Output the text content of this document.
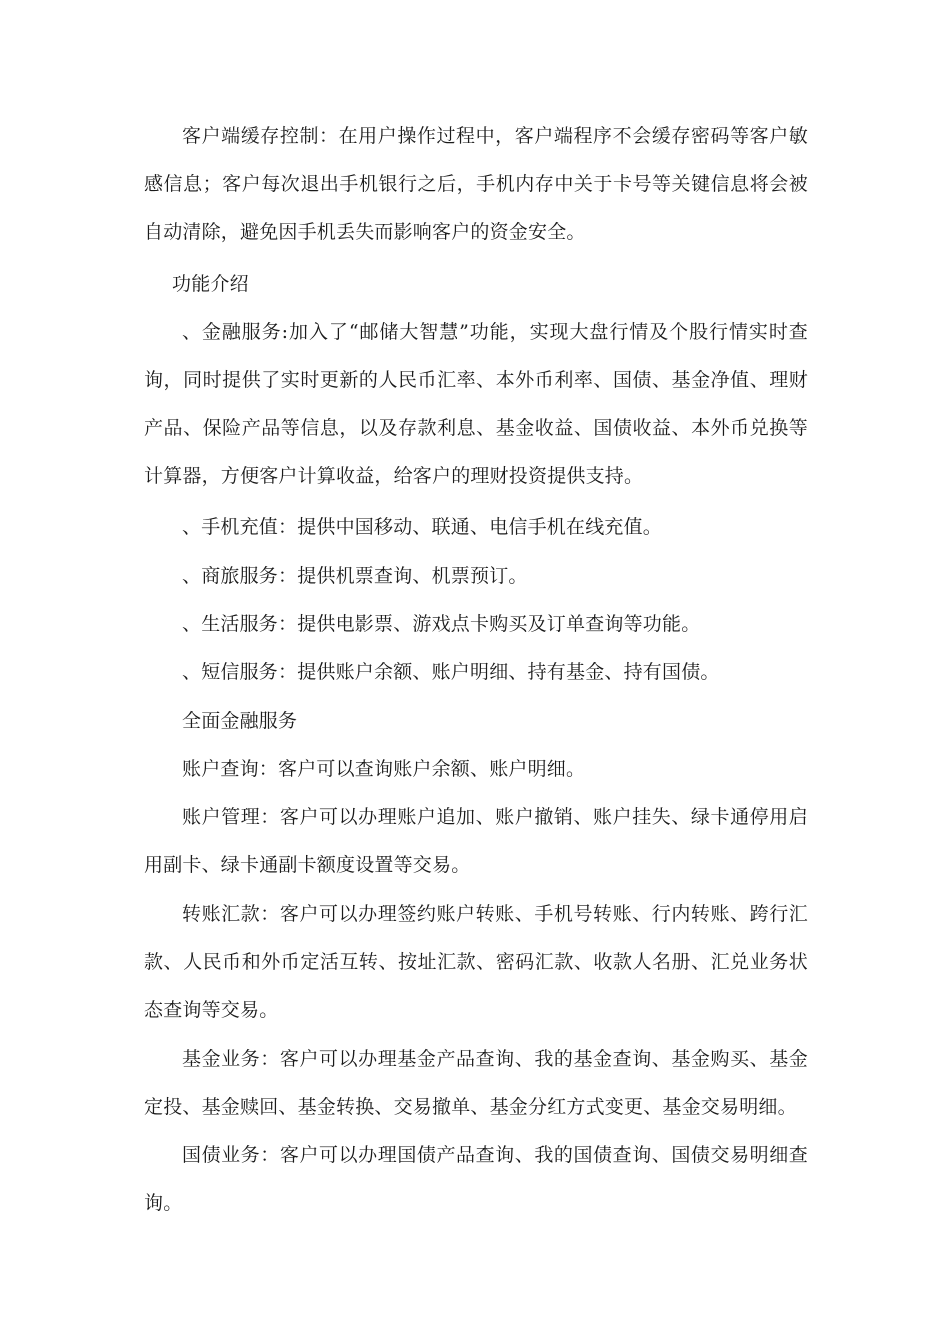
客户端缓存控制：在用户操作过程中，客户端程序不会缓存密码等客户敏感信息；客户每次退出手机银行之后，手机内存中关于卡号等关键信息将会被自动清除，避免因手机丢失而影响客户的资金安全。

功能介绍

、金融服务:加入了“邮储大智慧”功能，实现大盘行情及个股行情实时查询，同时提供了实时更新的人民币汇率、本外币利率、国债、基金净值、理财产品、保险产品等信息，以及存款利息、基金收益、国债收益、本外币兑换等计算器，方便客户计算收益，给客户的理财投资提供支持。

、手机充值：提供中国移动、联通、电信手机在线充值。

、商旅服务：提供机票查询、机票预订。

、生活服务：提供电影票、游戏点卡购买及订单查询等功能。

、短信服务：提供账户余额、账户明细、持有基金、持有国债。

全面金融服务

账户查询：客户可以查询账户余额、账户明细。

账户管理：客户可以办理账户追加、账户撤销、账户挂失、绿卡通停用启用副卡、绿卡通副卡额度设置等交易。

转账汇款：客户可以办理签约账户转账、手机号转账、行内转账、跨行汇款、人民币和外币定活互转、按址汇款、密码汇款、收款人名册、汇兑业务状态查询等交易。

基金业务：客户可以办理基金产品查询、我的基金查询、基金购买、基金定投、基金赎回、基金转换、交易撤单、基金分红方式变更、基金交易明细。

国债业务：客户可以办理国债产品查询、我的国债查询、国债交易明细查询。
